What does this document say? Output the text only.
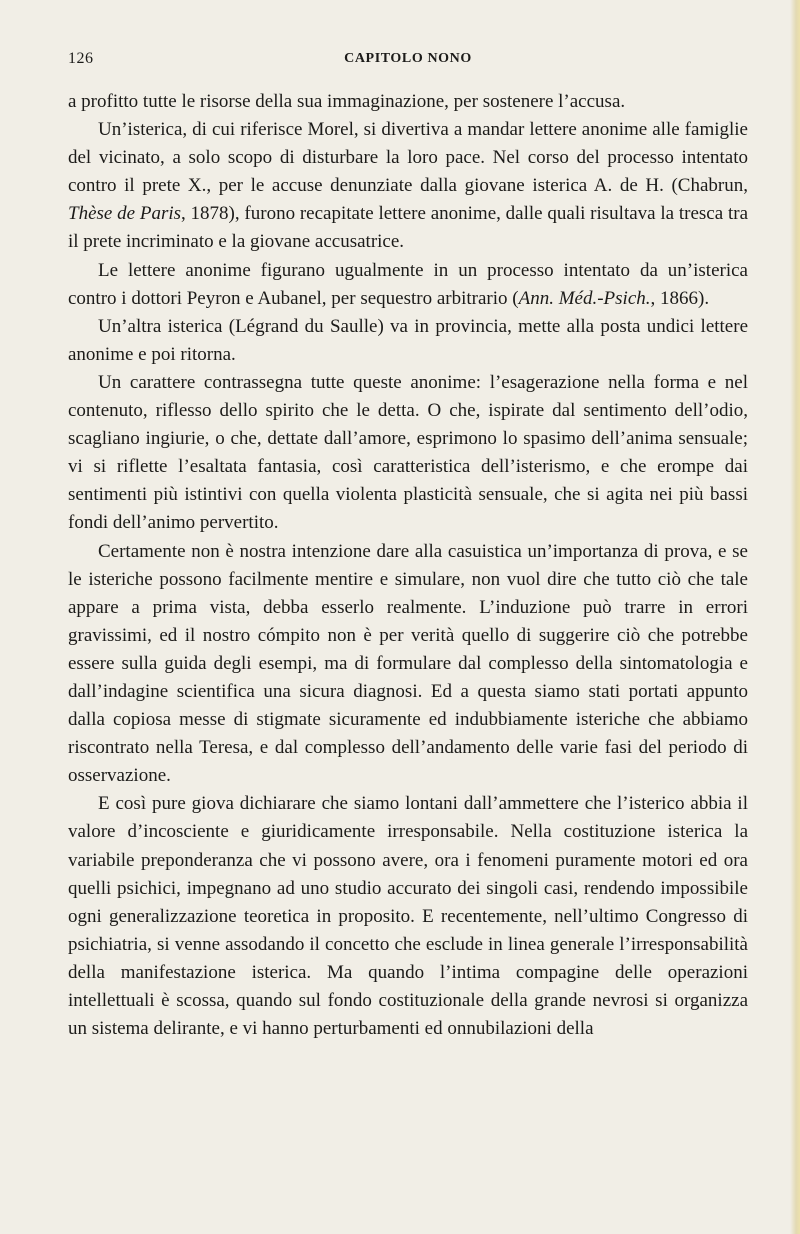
126	CAPITOLO NONO

a profitto tutte le risorse della sua immaginazione, per sostenere l’accusa.

Un’isterica, di cui riferisce Morel, si divertiva a mandar lettere anonime alle famiglie del vicinato, a solo scopo di disturbare la loro pace. Nel corso del processo intentato contro il prete X., per le accuse denunziate dalla giovane isterica A. de H. (Chabrun, Thèse de Paris, 1878), furono recapitate lettere anonime, dalle quali risultava la tresca tra il prete incriminato e la giovane accusatrice.

Le lettere anonime figurano ugualmente in un processo intentato da un’isterica contro i dottori Peyron e Aubanel, per sequestro arbitrario (Ann. Méd.-Psich., 1866).

Un’altra isterica (Légrand du Saulle) va in provincia, mette alla posta undici lettere anonime e poi ritorna.

Un carattere contrassegna tutte queste anonime: l’esagerazione nella forma e nel contenuto, riflesso dello spirito che le detta. O che, ispirate dal sentimento dell’odio, scagliano ingiurie, o che, dettate dall’amore, esprimono lo spasimo dell’anima sensuale; vi si riflette l’esaltata fantasia, così caratteristica dell’isterismo, e che erompe dai sentimenti più istintivi con quella violenta plasticità sensuale, che si agita nei più bassi fondi dell’animo pervertito.

Certamente non è nostra intenzione dare alla casuistica un’importanza di prova, e se le isteriche possono facilmente mentire e simulare, non vuol dire che tutto ciò che tale appare a prima vista, debba esserlo realmente. L’induzione può trarre in errori gravissimi, ed il nostro cómpito non è per verità quello di suggerire ciò che potrebbe essere sulla guida degli esempi, ma di formulare dal complesso della sintomatologia e dall’indagine scientifica una sicura diagnosi. Ed a questa siamo stati portati appunto dalla copiosa messe di stigmate sicuramente ed indubbiamente isteriche che abbiamo riscontrato nella Teresa, e dal complesso dell’andamento delle varie fasi del periodo di osservazione.

E così pure giova dichiarare che siamo lontani dall’ammettere che l’isterico abbia il valore d’incosciente e giuridicamente irresponsabile. Nella costituzione isterica la variabile preponderanza che vi possono avere, ora i fenomeni puramente motori ed ora quelli psichici, impegnano ad uno studio accurato dei singoli casi, rendendo impossibile ogni generalizzazione teoretica in proposito. E recentemente, nell’ultimo Congresso di psichiatria, si venne assodando il concetto che esclude in linea generale l’irresponsabilità della manifestazione isterica. Ma quando l’intima compagine delle operazioni intellettuali è scossa, quando sul fondo costituzionale della grande nevrosi si organizza un sistema delirante, e vi hanno perturbamenti ed onnubilazioni della
